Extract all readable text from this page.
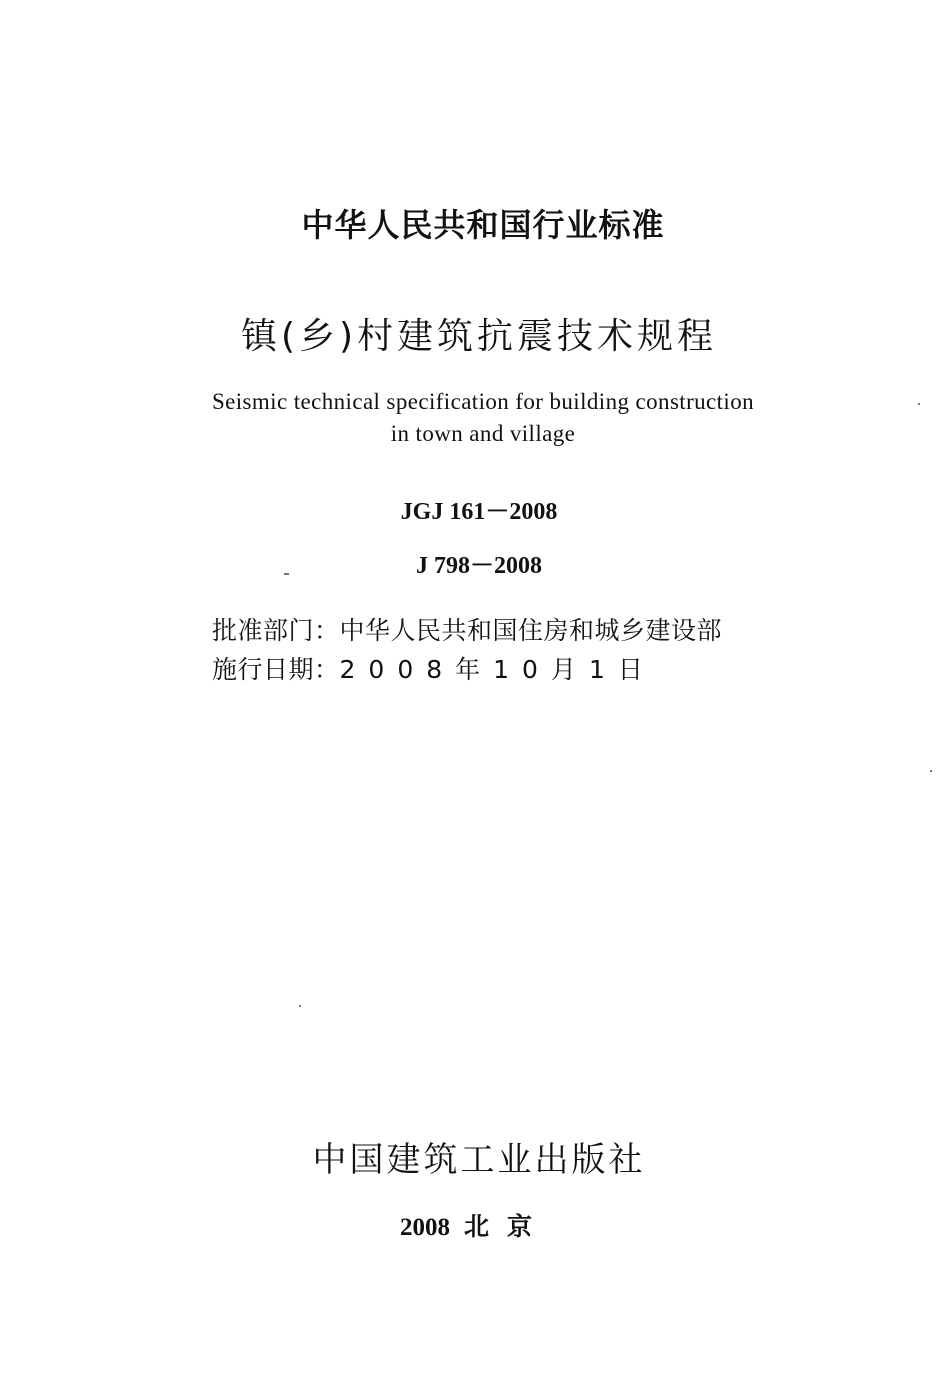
中华人民共和国行业标准
镇(乡)村建筑抗震技术规程
Seismic technical specification for building construction
in town and village
JGJ 161－2008
J 798－2008
批准部门：中华人民共和国住房和城乡建设部
施行日期：2008年10月1日
中国建筑工业出版社
2008 北京
